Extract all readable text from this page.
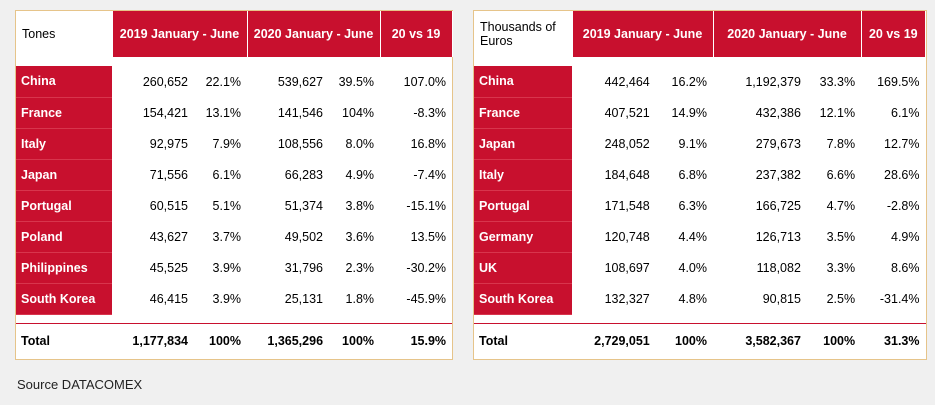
Tones	2019 January - June		2020 January - June		20 vs 19

China	260,652	22.1%	539,627	39.5%	107.0%
France	154,421	13.1%	141,546	104%	-8.3%
Italy	92,975	7.9%	108,556	8.0%	16.8%
Japan	71,556	6.1%	66,283	4.9%	-7.4%
Portugal	60,515	5.1%	51,374	3.8%	-15.1%
Poland	43,627	3.7%	49,502	3.6%	13.5%
Philippines	45,525	3.9%	31,796	2.3%	-30.2%
South Korea	46,415	3.9%	25,131	1.8%	-45.9%

Total	1,177,834	100%	1,365,296	100%	15.9%
Thousands of Euros	2019 January - June		2020 January - June		20 vs 19

China	442,464	16.2%	1,192,379	33.3%	169.5%
France	407,521	14.9%	432,386	12.1%	6.1%
Japan	248,052	9.1%	279,673	7.8%	12.7%
Italy	184,648	6.8%	237,382	6.6%	28.6%
Portugal	171,548	6.3%	166,725	4.7%	-2.8%
Germany	120,748	4.4%	126,713	3.5%	4.9%
UK	108,697	4.0%	118,082	3.3%	8.6%
South Korea	132,327	4.8%	90,815	2.5%	-31.4%

Total	2,729,051	100%	3,582,367	100%	31.3%
Source DATACOMEX
